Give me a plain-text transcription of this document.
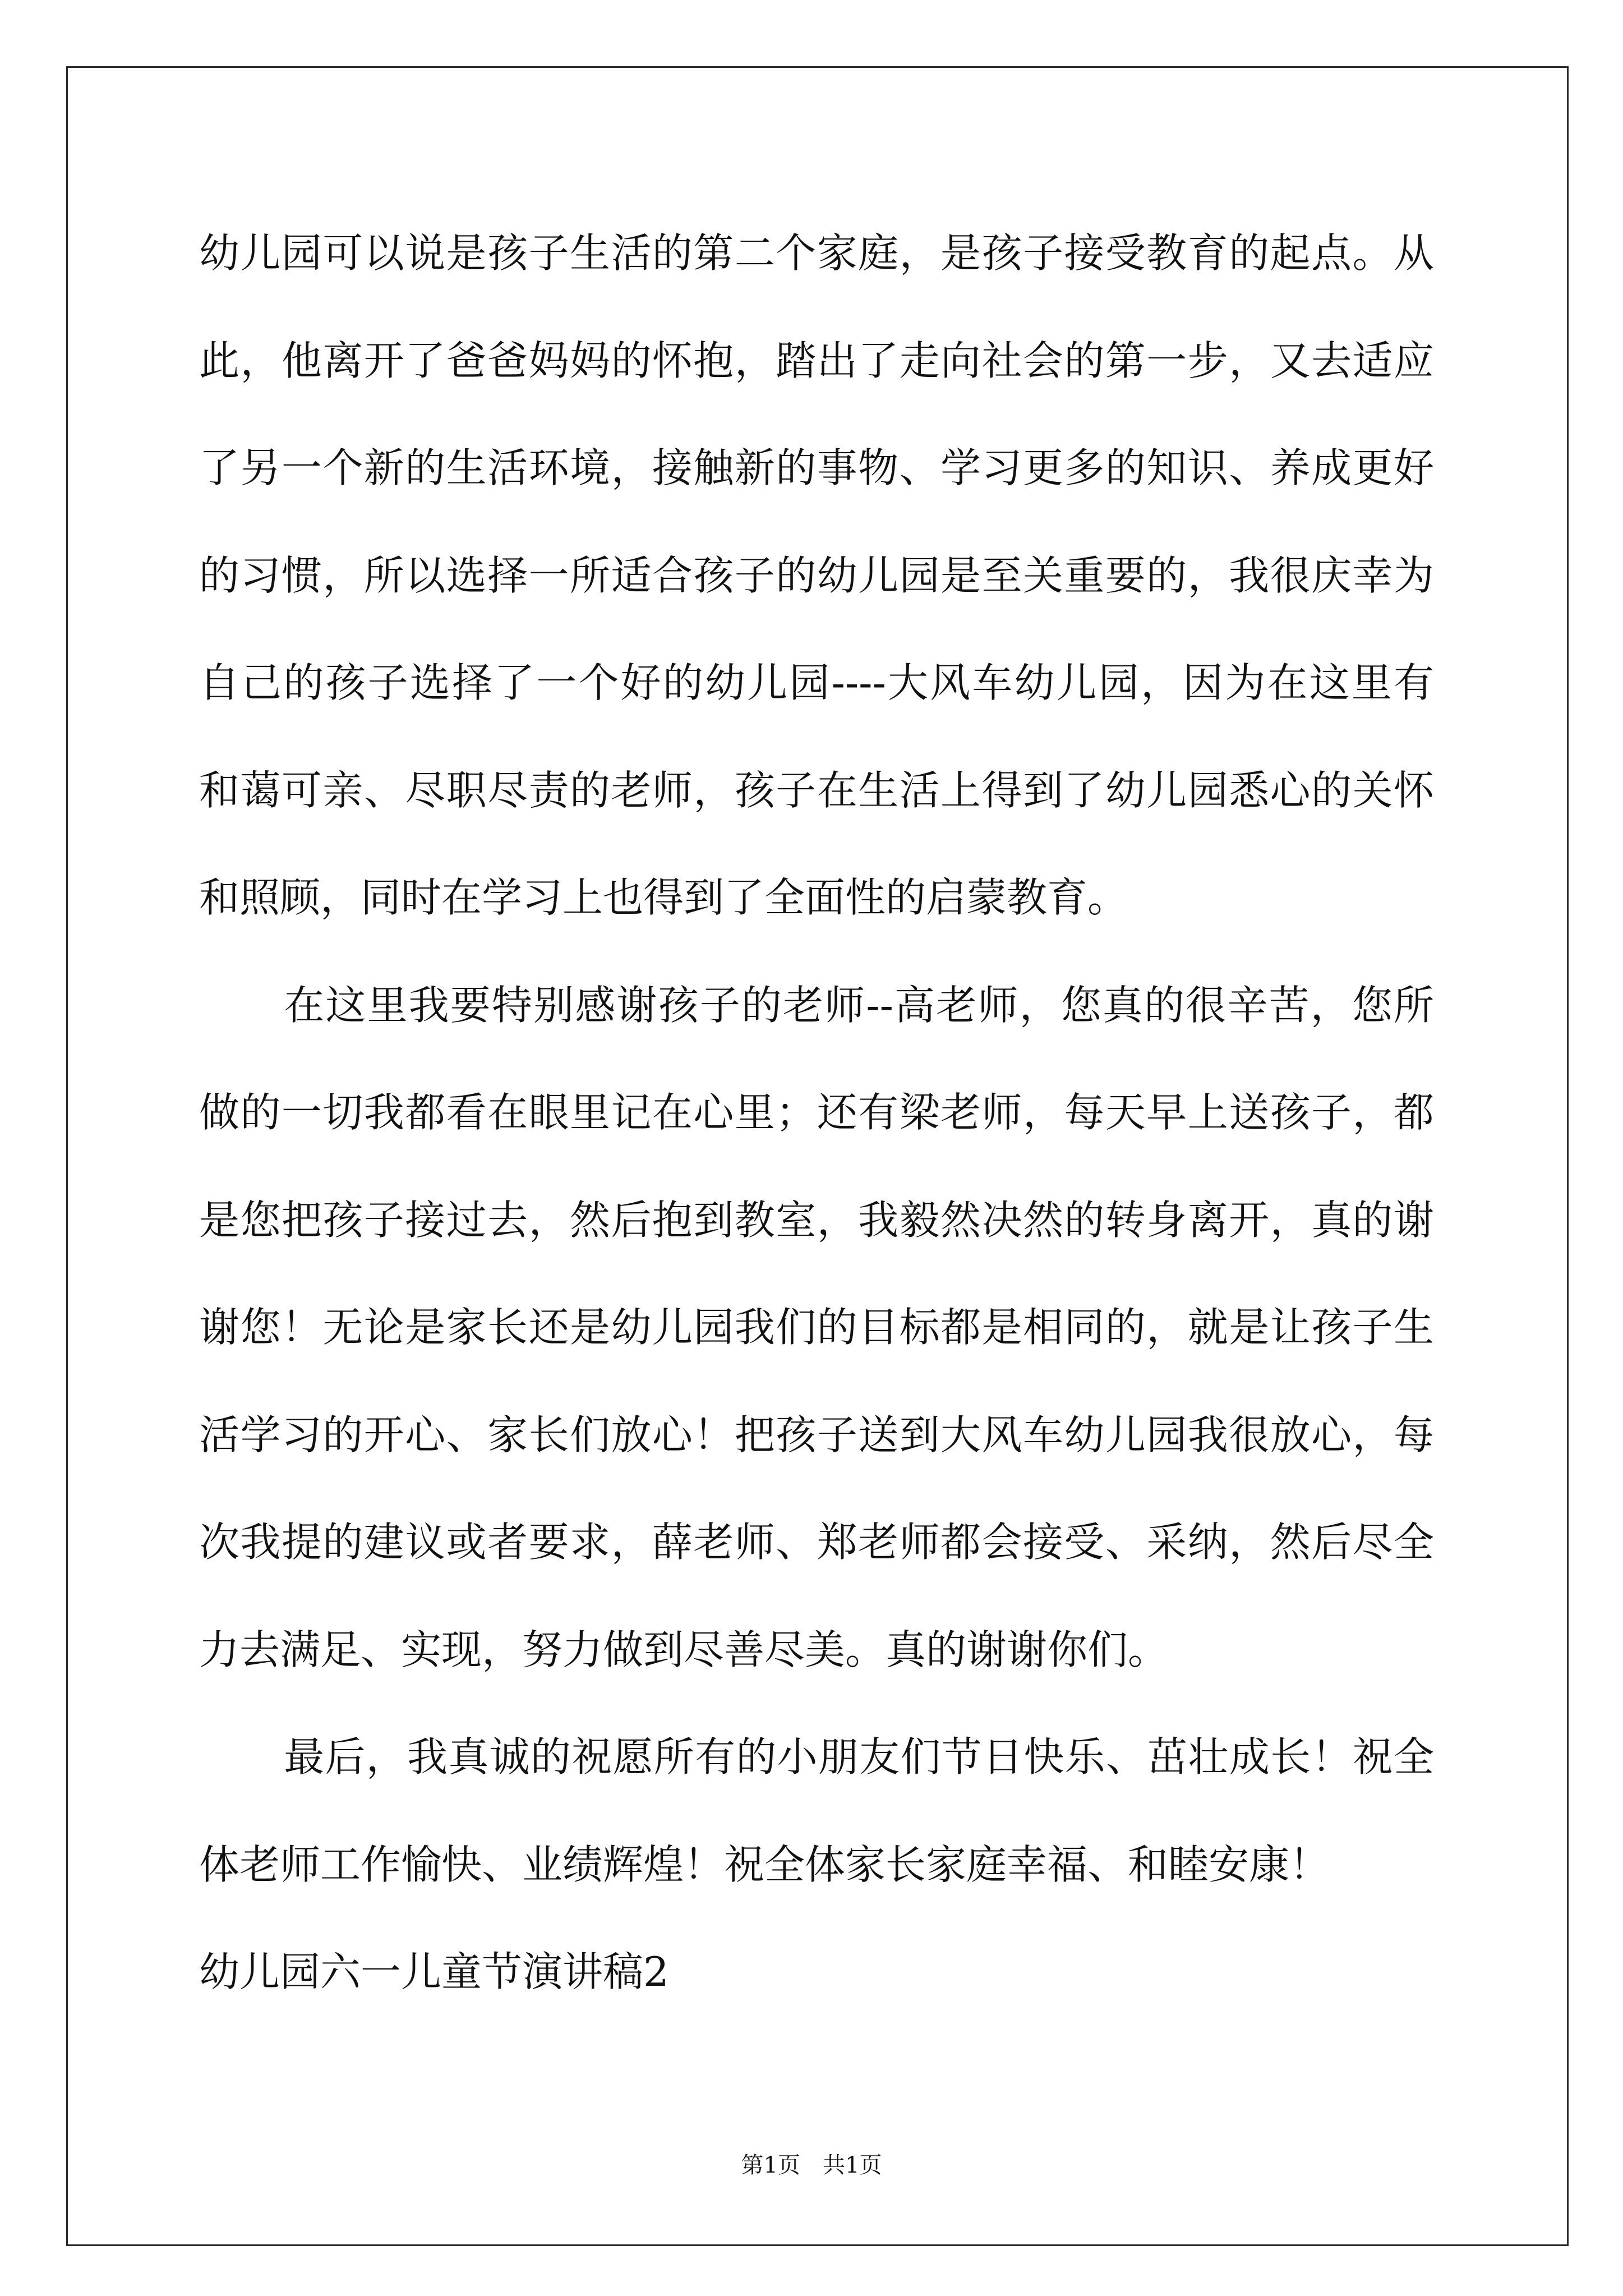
幼儿园可以说是孩子生活的第二个家庭，是孩子接受教育的起点。从
此，他离开了爸爸妈妈的怀抱，踏出了走向社会的第一步，又去适应
了另一个新的生活环境，接触新的事物、学习更多的知识、养成更好
的习惯，所以选择一所适合孩子的幼儿园是至关重要的，我很庆幸为
自己的孩子选择了一个好的幼儿园----大风车幼儿园，因为在这里有
和蔼可亲、尽职尽责的老师，孩子在生活上得到了幼儿园悉心的关怀
和照顾，同时在学习上也得到了全面性的启蒙教育。
在这里我要特别感谢孩子的老师--高老师，您真的很辛苦，您所
做的一切我都看在眼里记在心里；还有梁老师，每天早上送孩子，都
是您把孩子接过去，然后抱到教室，我毅然决然的转身离开，真的谢
谢您！无论是家长还是幼儿园我们的目标都是相同的，就是让孩子生
活学习的开心、家长们放心！把孩子送到大风车幼儿园我很放心，每
次我提的建议或者要求，薛老师、郑老师都会接受、采纳，然后尽全
力去满足、实现，努力做到尽善尽美。真的谢谢你们。
最后，我真诚的祝愿所有的小朋友们节日快乐、茁壮成长！祝全
体老师工作愉快、业绩辉煌！祝全体家长家庭幸福、和睦安康！
幼儿园六一儿童节演讲稿2
第1页　共1页
